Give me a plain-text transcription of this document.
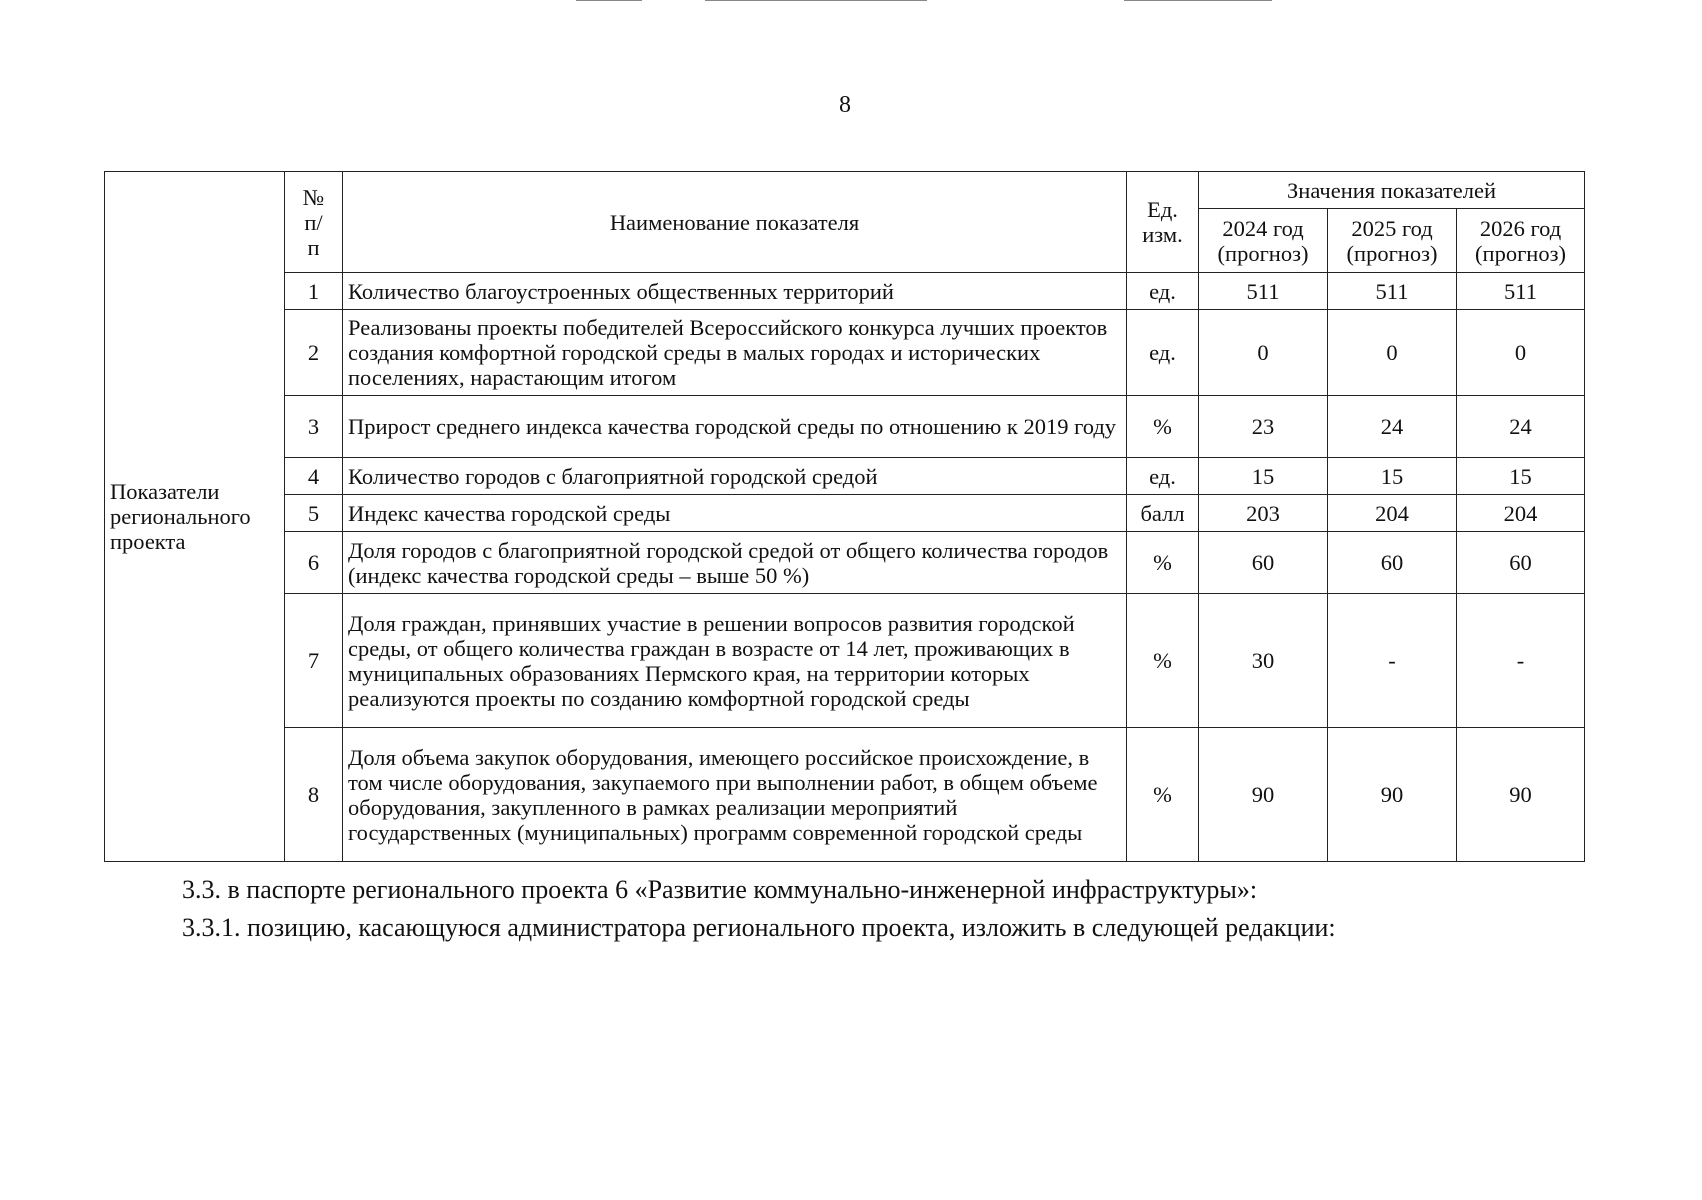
8
Показатели регионального проекта	№ п/п	Наименование показателя	Ед. изм.	Значения показателей		
				2024 год (прогноз)	2025 год (прогноз)	2026 год (прогноз)
	1	Количество благоустроенных общественных территорий	ед.	511	511	511
	2	Реализованы проекты победителей Всероссийского конкурса лучших проектов создания комфортной городской среды в малых городах и исторических поселениях, нарастающим итогом	ед.	0	0	0
	3	Прирост среднего индекса качества городской среды по отношению к 2019 году	%	23	24	24
	4	Количество городов с благоприятной городской средой	ед.	15	15	15
	5	Индекс качества городской среды	балл	203	204	204
	6	Доля городов с благоприятной городской средой от общего количества городов (индекс качества городской среды – выше 50 %)	%	60	60	60
	7	Доля граждан, принявших участие в решении вопросов развития городской среды, от общего количества граждан в возрасте от 14 лет, проживающих в муниципальных образованиях Пермского края, на территории которых реализуются проекты по созданию комфортной городской среды	%	30	-	-
	8	Доля объема закупок оборудования, имеющего российское происхождение, в том числе оборудования, закупаемого при выполнении работ, в общем объеме оборудования, закупленного в рамках реализации мероприятий государственных (муниципальных) программ современной городской среды	%	90	90	90
3.3. в паспорте регионального проекта 6 «Развитие коммунально-инженерной инфраструктуры»:
3.3.1. позицию, касающуюся администратора регионального проекта, изложить в следующей редакции:
